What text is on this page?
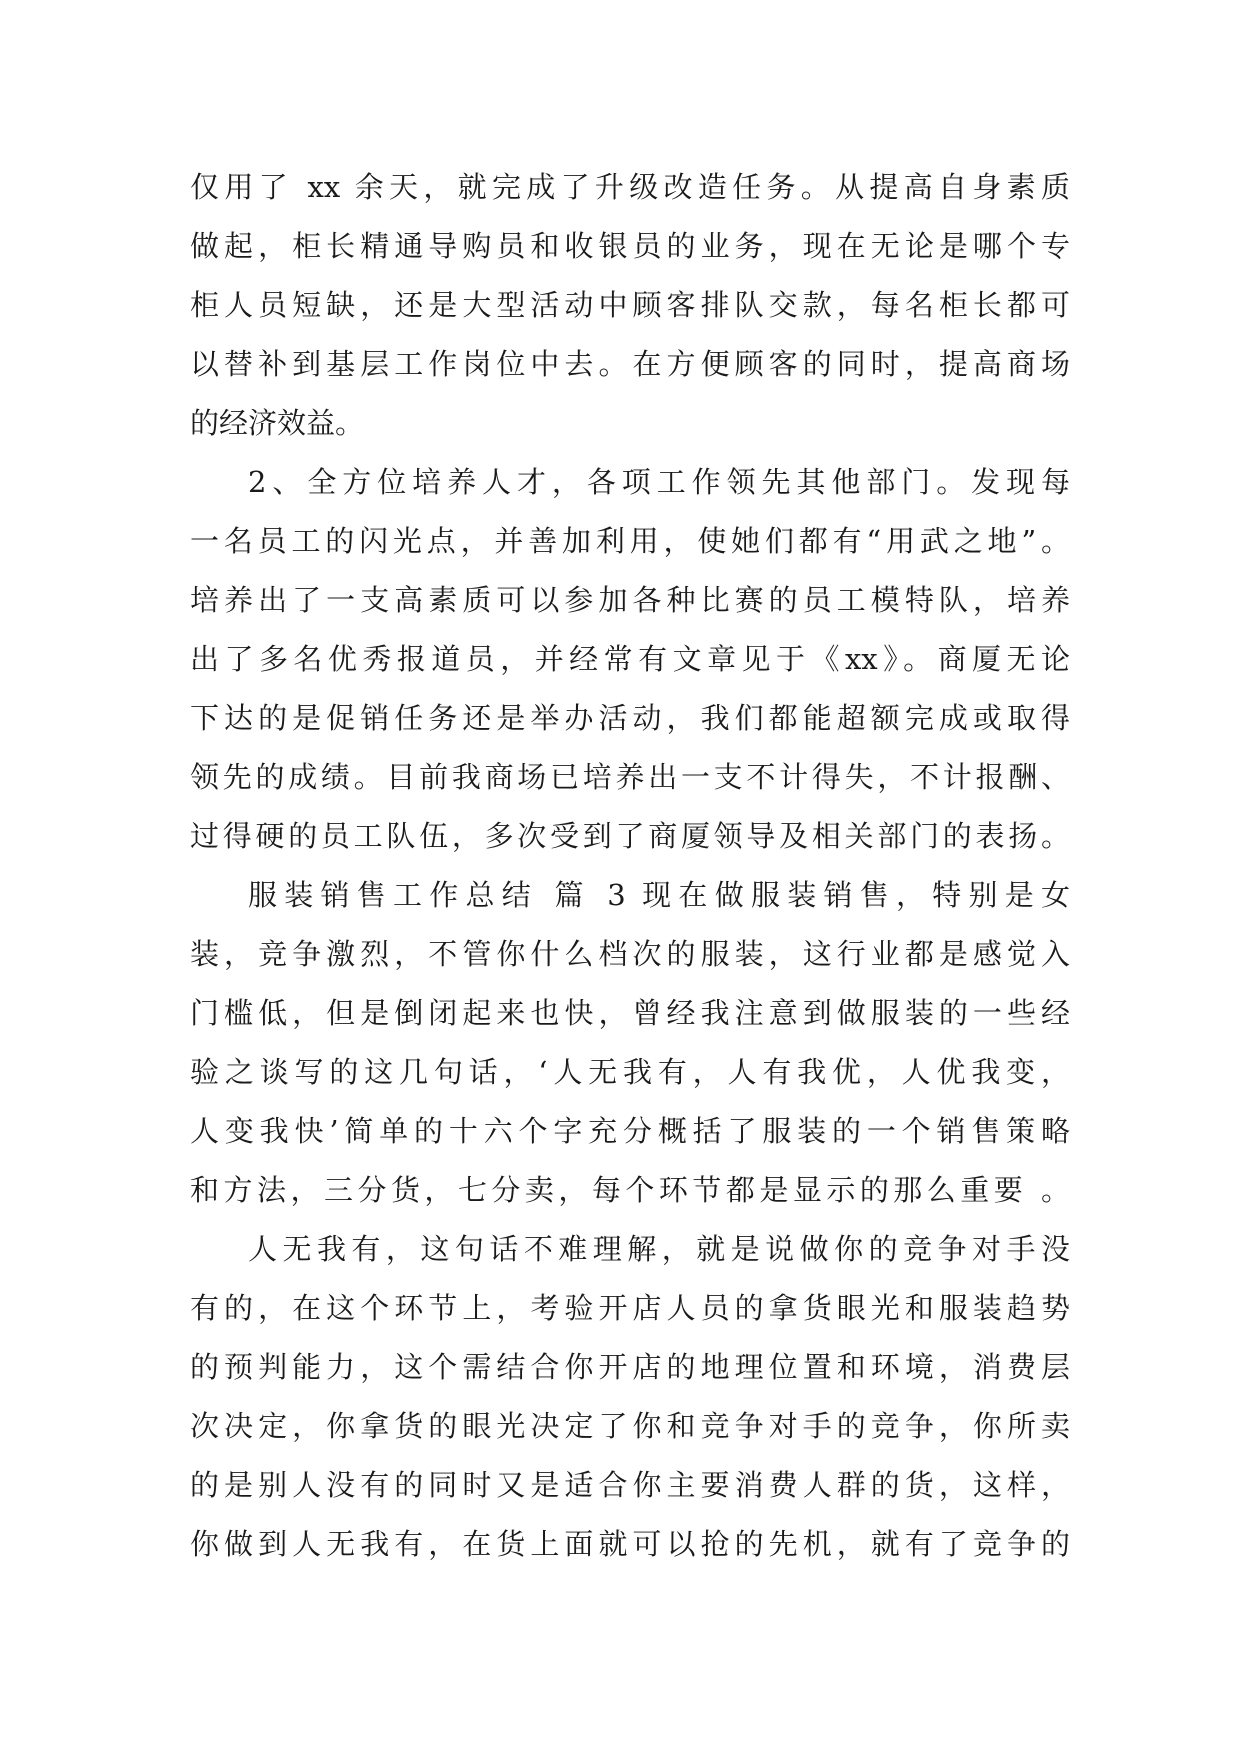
仅用了 xx 余天，就完成了升级改造任务。从提高自身素质
做起，柜长精通导购员和收银员的业务，现在无论是哪个专
柜人员短缺，还是大型活动中顾客排队交款，每名柜长都可
以替补到基层工作岗位中去。在方便顾客的同时，提高商场
的经济效益。
2、全方位培养人才，各项工作领先其他部门。发现每
一名员工的闪光点，并善加利用，使她们都有“用武之地”。
培养出了一支高素质可以参加各种比赛的员工模特队，培养
出了多名优秀报道员，并经常有文章见于《xx》。商厦无论
下达的是促销任务还是举办活动，我们都能超额完成或取得
领先的成绩。目前我商场已培养出一支不计得失，不计报酬、
过得硬的员工队伍，多次受到了商厦领导及相关部门的表扬。
服装销售工作总结 篇 3 现在做服装销售，特别是女
装，竞争激烈，不管你什么档次的服装，这行业都是感觉入
门槛低，但是倒闭起来也快，曾经我注意到做服装的一些经
验之谈写的这几句话，‘人无我有，人有我优，人优我变，
人变我快’简单的十六个字充分概括了服装的一个销售策略
和方法，三分货，七分卖，每个环节都是显示的那么重要 。
人无我有，这句话不难理解，就是说做你的竞争对手没
有的，在这个环节上，考验开店人员的拿货眼光和服装趋势
的预判能力，这个需结合你开店的地理位置和环境，消费层
次决定，你拿货的眼光决定了你和竞争对手的竞争，你所卖
的是别人没有的同时又是适合你主要消费人群的货，这样，
你做到人无我有，在货上面就可以抢的先机，就有了竞争的
